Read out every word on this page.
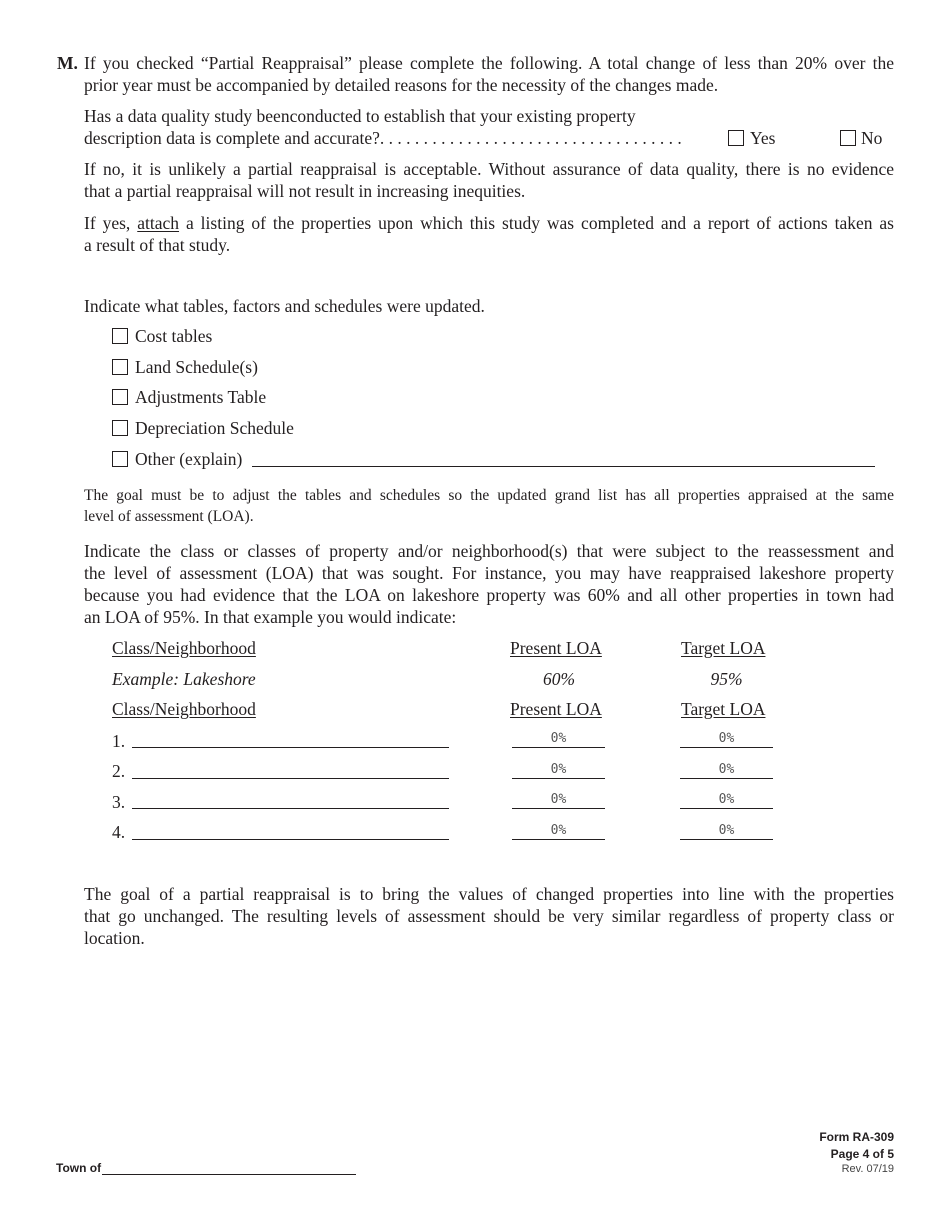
M. If you checked “Partial Reappraisal” please complete the following. A total change of less than 20% over the
prior year must be accompanied by detailed reasons for the necessity of the changes made.
Has a data quality study beenconducted to establish that your existing property
description data is complete and accurate?. . . . . . . . . . . . . . . . . . . . . . . . . . . . . . . . . . .	Yes	No
If no, it is unlikely a partial reappraisal is acceptable. Without assurance of data quality, there is no evidence
that a partial reappraisal will not result in increasing inequities.
If yes, attach a listing of the properties upon which this study was completed and a report of actions taken as
a result of that study.
Indicate what tables, factors and schedules were updated.
Cost tables
Land Schedule(s)
Adjustments Table
Depreciation Schedule
Other (explain)
The goal must be to adjust the tables and schedules so the updated grand list has all properties appraised at the same
level of assessment (LOA).
Indicate the class or classes of property and/or neighborhood(s) that were subject to the reassessment and
the level of assessment (LOA) that was sought. For instance, you may have reappraised lakeshore property
because you had evidence that the LOA on lakeshore property was 60% and all other properties in town had
an LOA of 95%. In that example you would indicate:
Class/Neighborhood	Present LOA	Target LOA
Example: Lakeshore	60%	95%
Class/Neighborhood	Present LOA	Target LOA
1.	0%	0%
2.	0%	0%
3.	0%	0%
4.	0%	0%
The goal of a partial reappraisal is to bring the values of changed properties into line with the properties
that go unchanged. The resulting levels of assessment should be very similar regardless of property class or
location.
Town of
Form RA-309
Page 4 of 5
Rev. 07/19
